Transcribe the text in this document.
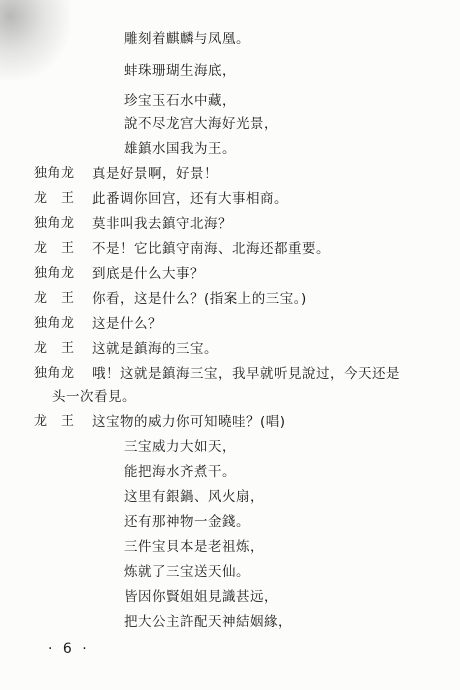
雕刻着麒麟与凤凰。
蚌珠珊瑚生海底，
珍宝玉石水中藏，
說不尽龙宫大海好光景，
雄鎮水国我为王。
独角龙	真是好景啊，好景！
龙　王	此番调你回宫，还有大事相商。
独角龙	莫非叫我去鎮守北海？
龙　王	不是！它比鎮守南海、北海还都重要。
独角龙	到底是什么大事？
龙　王	你看，这是什么？(指案上的三宝。)
独角龙	这是什么？
龙　王	这就是鎮海的三宝。
独角龙	哦！这就是鎮海三宝，我早就听見說过，今天还是
头一次看見。
龙　王	这宝物的威力你可知曉哇？(唱)
三宝威力大如天，
能把海水齐煮干。
这里有銀鍋、风火扇，
还有那神物一金錢。
三件宝貝本是老祖炼，
炼就了三宝送天仙。
皆因你賢姐姐見識甚远，
把大公主許配天神結姻緣，
· 6 ·
